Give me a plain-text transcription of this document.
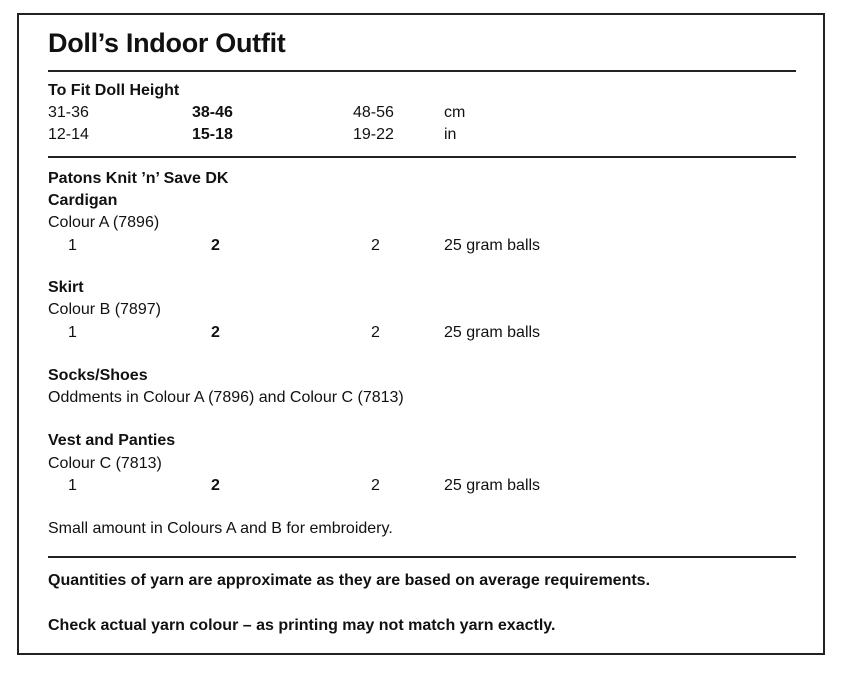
Doll’s Indoor Outfit
To Fit Doll Height
31-36	38-46	48-56	cm
12-14	15-18	19-22	in
Patons Knit ’n’ Save DK
Cardigan
Colour A (7896)
1	2	2	25 gram balls
Skirt
Colour B (7897)
1	2	2	25 gram balls
Socks/Shoes
Oddments in Colour A (7896) and Colour C (7813)
Vest and Panties
Colour C (7813)
1	2	2	25 gram balls
Small amount in Colours A and B for embroidery.
Quantities of yarn are approximate as they are based on average requirements.
Check actual yarn colour – as printing may not match yarn exactly.
